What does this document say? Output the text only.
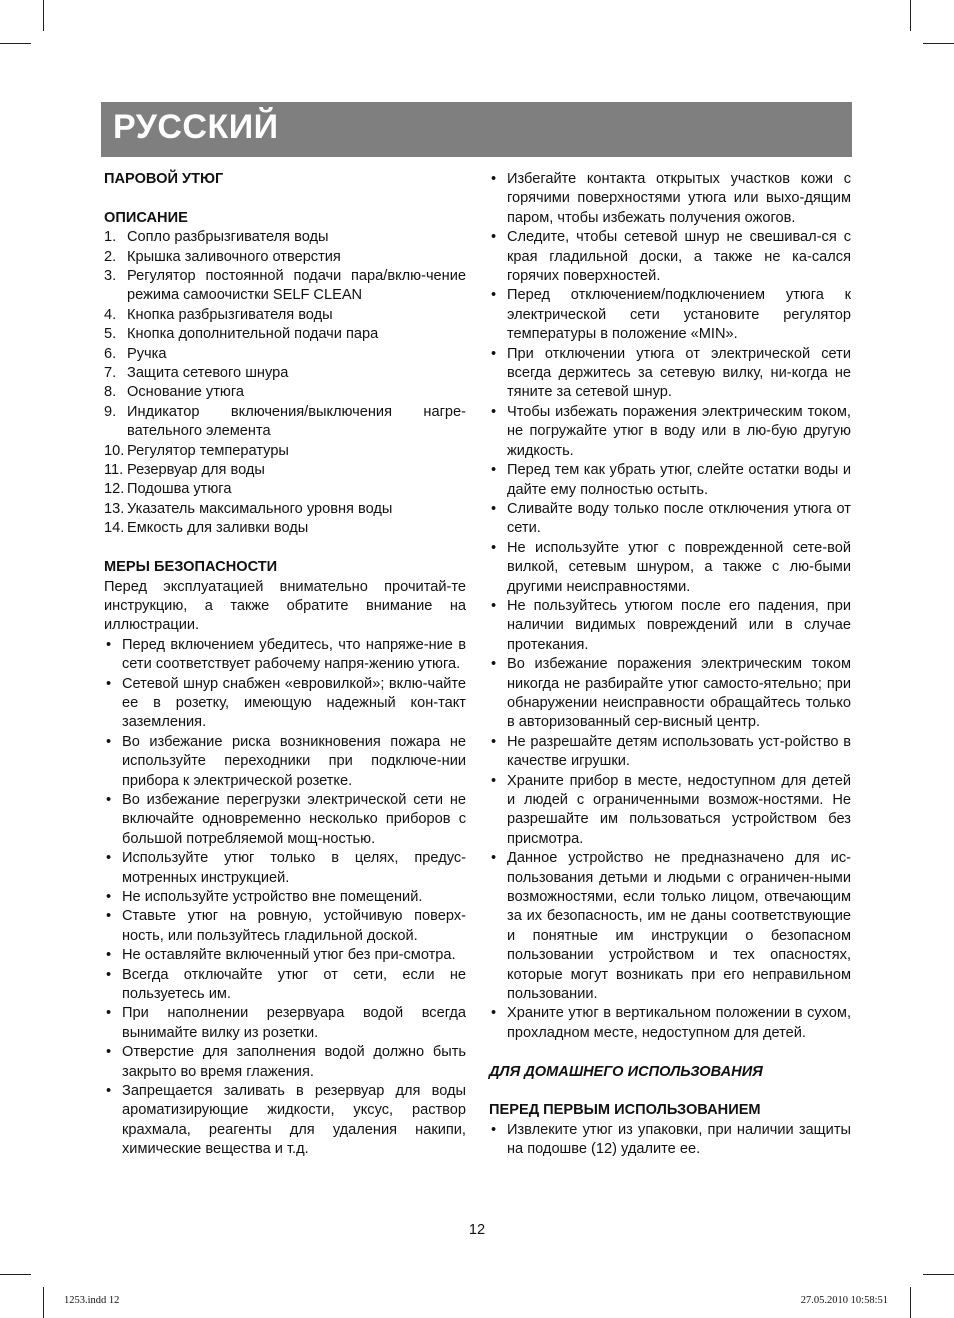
РУССКИЙ

ПАРОВОЙ УТЮГ

ОПИСАНИЕ

1. Сопло разбрызгивателя воды
2. Крышка заливочного отверстия
3. Регулятор постоянной подачи пара/вклю-чение режима самоочистки SELF CLEAN
4. Кнопка разбрызгивателя воды
5. Кнопка дополнительной подачи пара
6. Ручка
7. Защита сетевого шнура
8. Основание утюга
9. Индикатор включения/выключения нагре-вательного элемента
10. Регулятор температуры
11. Резервуар для воды
12. Подошва утюга
13. Указатель максимального уровня воды
14. Емкость для заливки воды

МЕРЫ БЕЗОПАСНОСТИ

Перед эксплуатацией внимательно прочитай-те инструкцию, а также обратите внимание на иллюстрации.

• Перед включением убедитесь, что напряже-ние в сети соответствует рабочему напря-жению утюга.
• Сетевой шнур снабжен «евровилкой»; вклю-чайте ее в розетку, имеющую надежный кон-такт заземления.
• Во избежание риска возникновения пожара не используйте переходники при подключе-нии прибора к электрической розетке.
• Во избежание перегрузки электрической сети не включайте одновременно несколько приборов с большой потребляемой мощ-ностью.
• Используйте утюг только в целях, предус-мотренных инструкцией.
• Не используйте устройство вне помещений.
• Ставьте утюг на ровную, устойчивую поверх-ность, или пользуйтесь гладильной доской.
• Не оставляйте включенный утюг без при-смотра.
• Всегда отключайте утюг от сети, если не пользуетесь им.
• При наполнении резервуара водой всегда вынимайте вилку из розетки.
• Отверстие для заполнения водой должно быть закрыто во время глажения.
• Запрещается заливать в резервуар для воды ароматизирующие жидкости, уксус, раствор крахмала, реагенты для удаления накипи, химические вещества и т.д.
• Избегайте контакта открытых участков кожи с горячими поверхностями утюга или выхо-дящим паром, чтобы избежать получения ожогов.
• Следите, чтобы сетевой шнур не свешивал-ся с края гладильной доски, а также не ка-сался горячих поверхностей.
• Перед отключением/подключением утюга к электрической сети установите регулятор температуры в положение «MIN».
• При отключении утюга от электрической сети всегда держитесь за сетевую вилку, ни-когда не тяните за сетевой шнур.
• Чтобы избежать поражения электрическим током, не погружайте утюг в воду или в лю-бую другую жидкость.
• Перед тем как убрать утюг, слейте остатки воды и дайте ему полностью остыть.
• Сливайте воду только после отключения утюга от сети.
• Не используйте утюг с поврежденной сете-вой вилкой, сетевым шнуром, а также с лю-быми другими неисправностями.
• Не пользуйтесь утюгом после его падения, при наличии видимых повреждений или в случае протекания.
• Во избежание поражения электрическим током никогда не разбирайте утюг самосто-ятельно; при обнаружении неисправности обращайтесь только в авторизованный сер-висный центр.
• Не разрешайте детям использовать уст-ройство в качестве игрушки.
• Храните прибор в месте, недоступном для детей и людей с ограниченными возмож-ностями. Не разрешайте им пользоваться устройством без присмотра.
• Данное устройство не предназначено для ис-пользования детьми и людьми с ограничен-ными возможностями, если только лицом, отвечающим за их безопасность, им не даны соответствующие и понятные им инструкции о безопасном пользовании устройством и тех опасностях, которые могут возникать при его неправильном пользовании.
• Храните утюг в вертикальном положении в сухом, прохладном месте, недоступном для детей.

ДЛЯ ДОМАШНЕГО ИСПОЛЬЗОВАНИЯ

ПЕРЕД ПЕРВЫМ ИСПОЛЬЗОВАНИЕМ

• Извлеките утюг из упаковки, при наличии защиты на подошве (12) удалите ее.
12
1253.indd 12	27.05.2010 10:58:51
